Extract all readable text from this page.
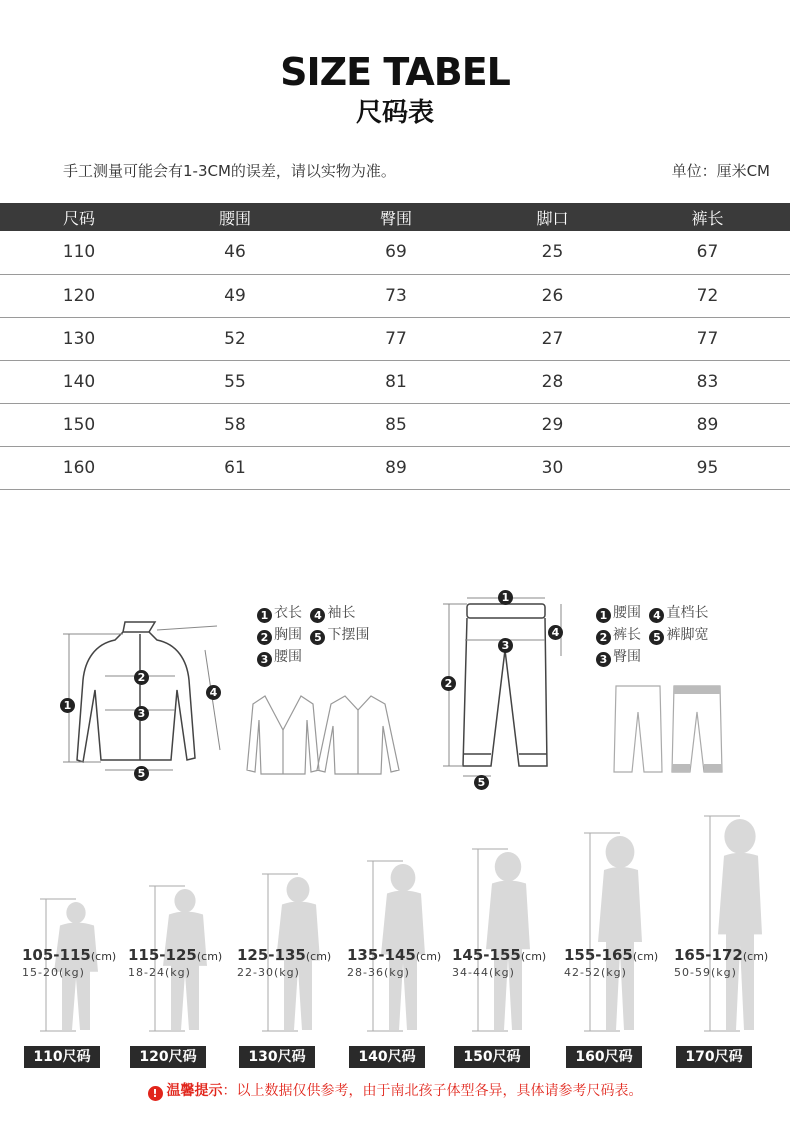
SIZE TABEL
尺码表
手工测量可能会有1-3CM的误差，请以实物为准。	单位：厘米CM
尺码	腰围	臀围	脚口	裤长
110	46	69	25	67
120	49	73	26	72
130	52	77	27	77
140	55	81	28	83
150	58	85	29	89
160	61	89	30	95
1
2
3
4
5
1 衣长 4 袖长
2 胸围 5 下摆围
3 腰围
1
2
3
4
5
1 腰围 4 直档长
2 裤长 5 裤脚宽
3 臀围
105-115(cm)
15-20(kg)
110尺码
115-125(cm)
18-24(kg)
120尺码
125-135(cm)
22-30(kg)
130尺码
135-145(cm)
28-36(kg)
140尺码
145-155(cm)
34-44(kg)
150尺码
155-165(cm)
42-52(kg)
160尺码
165-172(cm)
50-59(kg)
170尺码
! 温馨提示：以上数据仅供参考，由于南北孩子体型各异，具体请参考尺码表。
